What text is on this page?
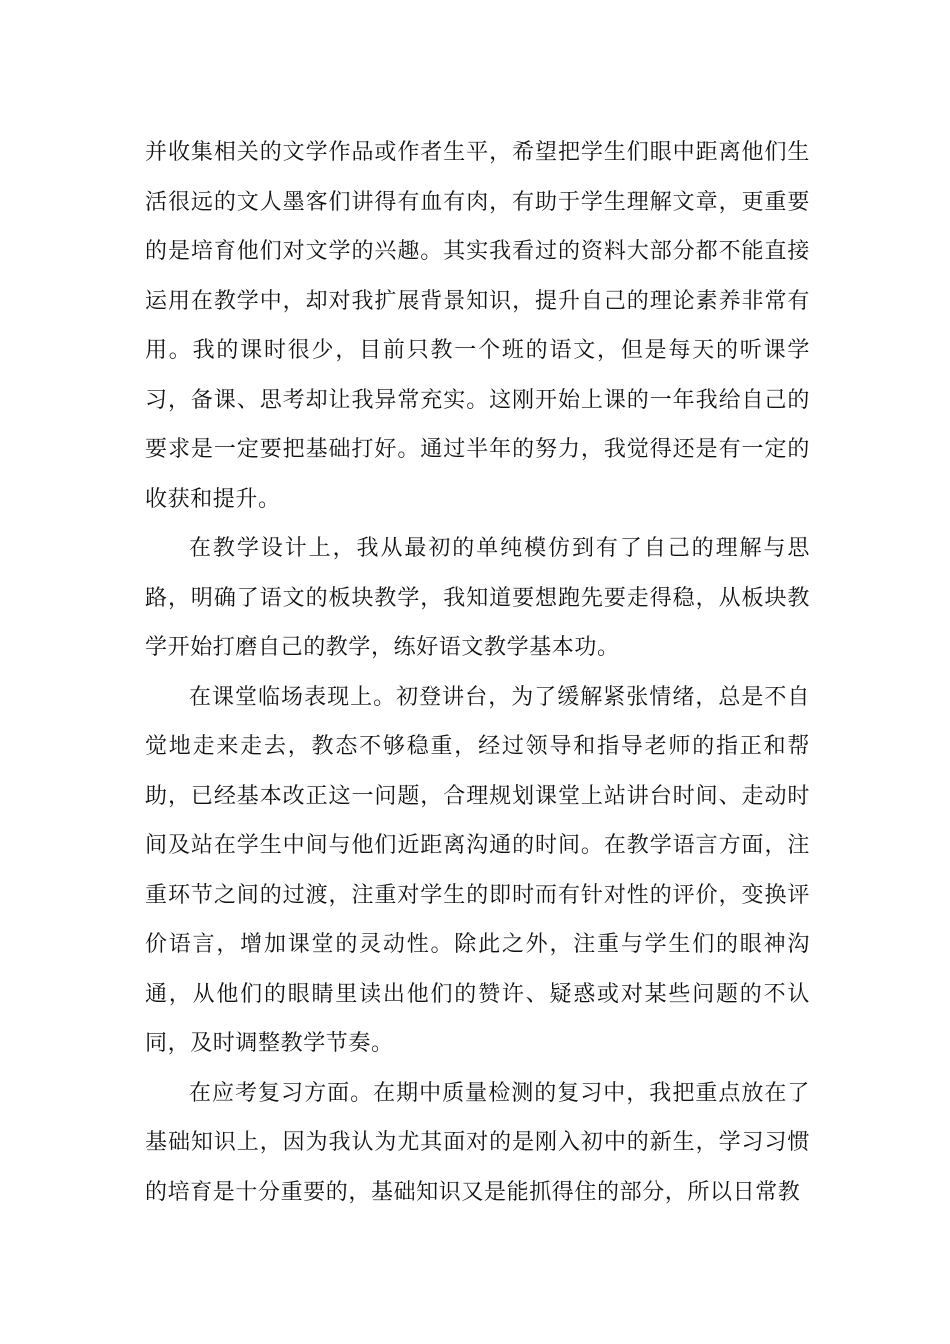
并收集相关的文学作品或作者生平，希望把学生们眼中距离他们生活很远的文人墨客们讲得有血有肉，有助于学生理解文章，更重要的是培育他们对文学的兴趣。其实我看过的资料大部分都不能直接运用在教学中，却对我扩展背景知识，提升自己的理论素养非常有用。我的课时很少，目前只教一个班的语文，但是每天的听课学习，备课、思考却让我异常充实。这刚开始上课的一年我给自己的要求是一定要把基础打好。通过半年的努力，我觉得还是有一定的收获和提升。

在教学设计上，我从最初的单纯模仿到有了自己的理解与思路，明确了语文的板块教学，我知道要想跑先要走得稳，从板块教学开始打磨自己的教学，练好语文教学基本功。

在课堂临场表现上。初登讲台，为了缓解紧张情绪，总是不自觉地走来走去，教态不够稳重，经过领导和指导老师的指正和帮助，已经基本改正这一问题，合理规划课堂上站讲台时间、走动时间及站在学生中间与他们近距离沟通的时间。在教学语言方面，注重环节之间的过渡，注重对学生的即时而有针对性的评价，变换评价语言，增加课堂的灵动性。除此之外，注重与学生们的眼神沟通，从他们的眼睛里读出他们的赞许、疑惑或对某些问题的不认同，及时调整教学节奏。

在应考复习方面。在期中质量检测的复习中，我把重点放在了基础知识上，因为我认为尤其面对的是刚入初中的新生，学习习惯的培育是十分重要的，基础知识又是能抓得住的部分，所以日常教
